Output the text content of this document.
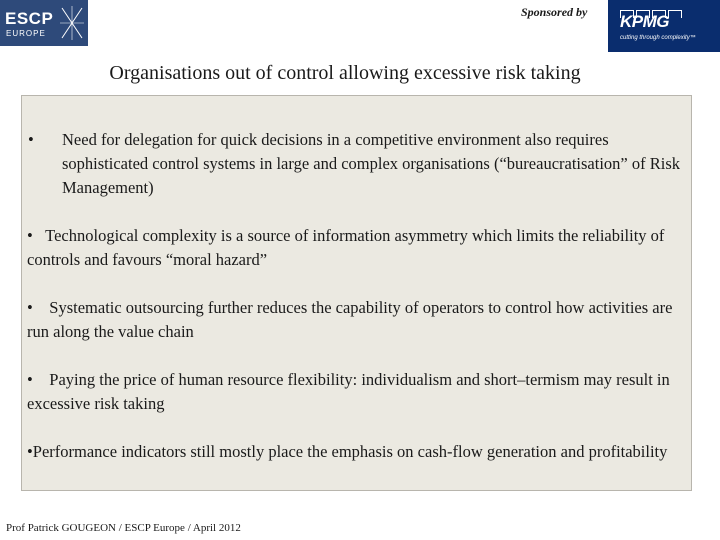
ESCP
EUROPE
Sponsored by KPMG
cutting through complexity™
Organisations out of control allowing excessive risk taking
• Need for delegation for quick decisions in a competitive environment also requires sophisticated control systems in large and complex organisations (“bureaucratisation” of Risk Management)
• Technological complexity is a source of information asymmetry which limits the reliability of controls and favours “moral hazard”
• Systematic outsourcing further reduces the capability of operators to control how activities are run along the value chain
• Paying the price of human resource flexibility: individualism and short–termism may result in excessive risk taking
•Performance indicators still mostly place the emphasis on cash-flow generation and profitability
Prof Patrick GOUGEON / ESCP Europe / April 2012
